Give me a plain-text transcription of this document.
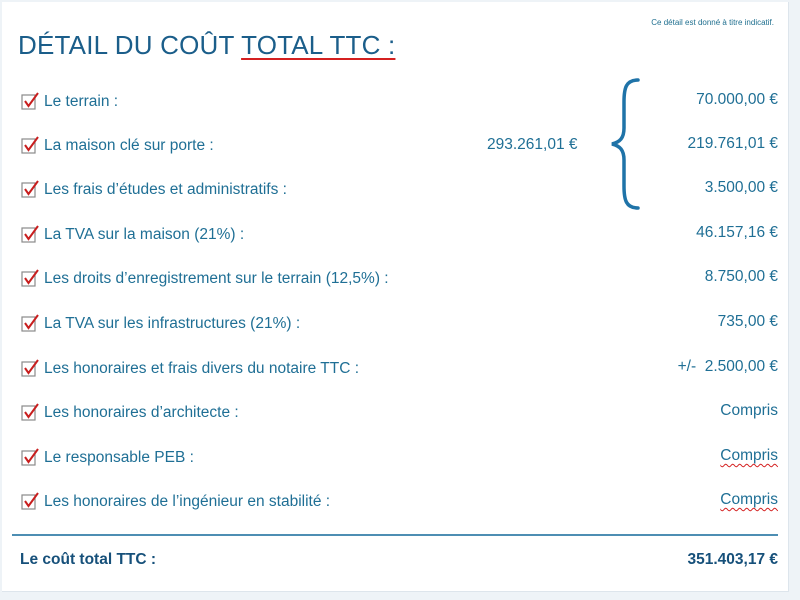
Ce détail est donné à titre indicatif.
DÉTAIL DU COÛT TOTAL TTC :
293.261,01 €
Le terrain :	70.000,00 €
La maison clé sur porte :	219.761,01 €
Les frais d’études et administratifs :	3.500,00 €
La TVA sur la maison (21%) :	46.157,16 €
Les droits d’enregistrement sur le terrain (12,5%) :	8.750,00 €
La TVA sur les infrastructures (21%) :	735,00 €
Les honoraires et frais divers du notaire TTC :	+/-  2.500,00 €
Les honoraires d’architecte :	Compris
Le responsable PEB :	Compris
Les honoraires de l’ingénieur en stabilité :	Compris
Le coût total TTC :	351.403,17 €
